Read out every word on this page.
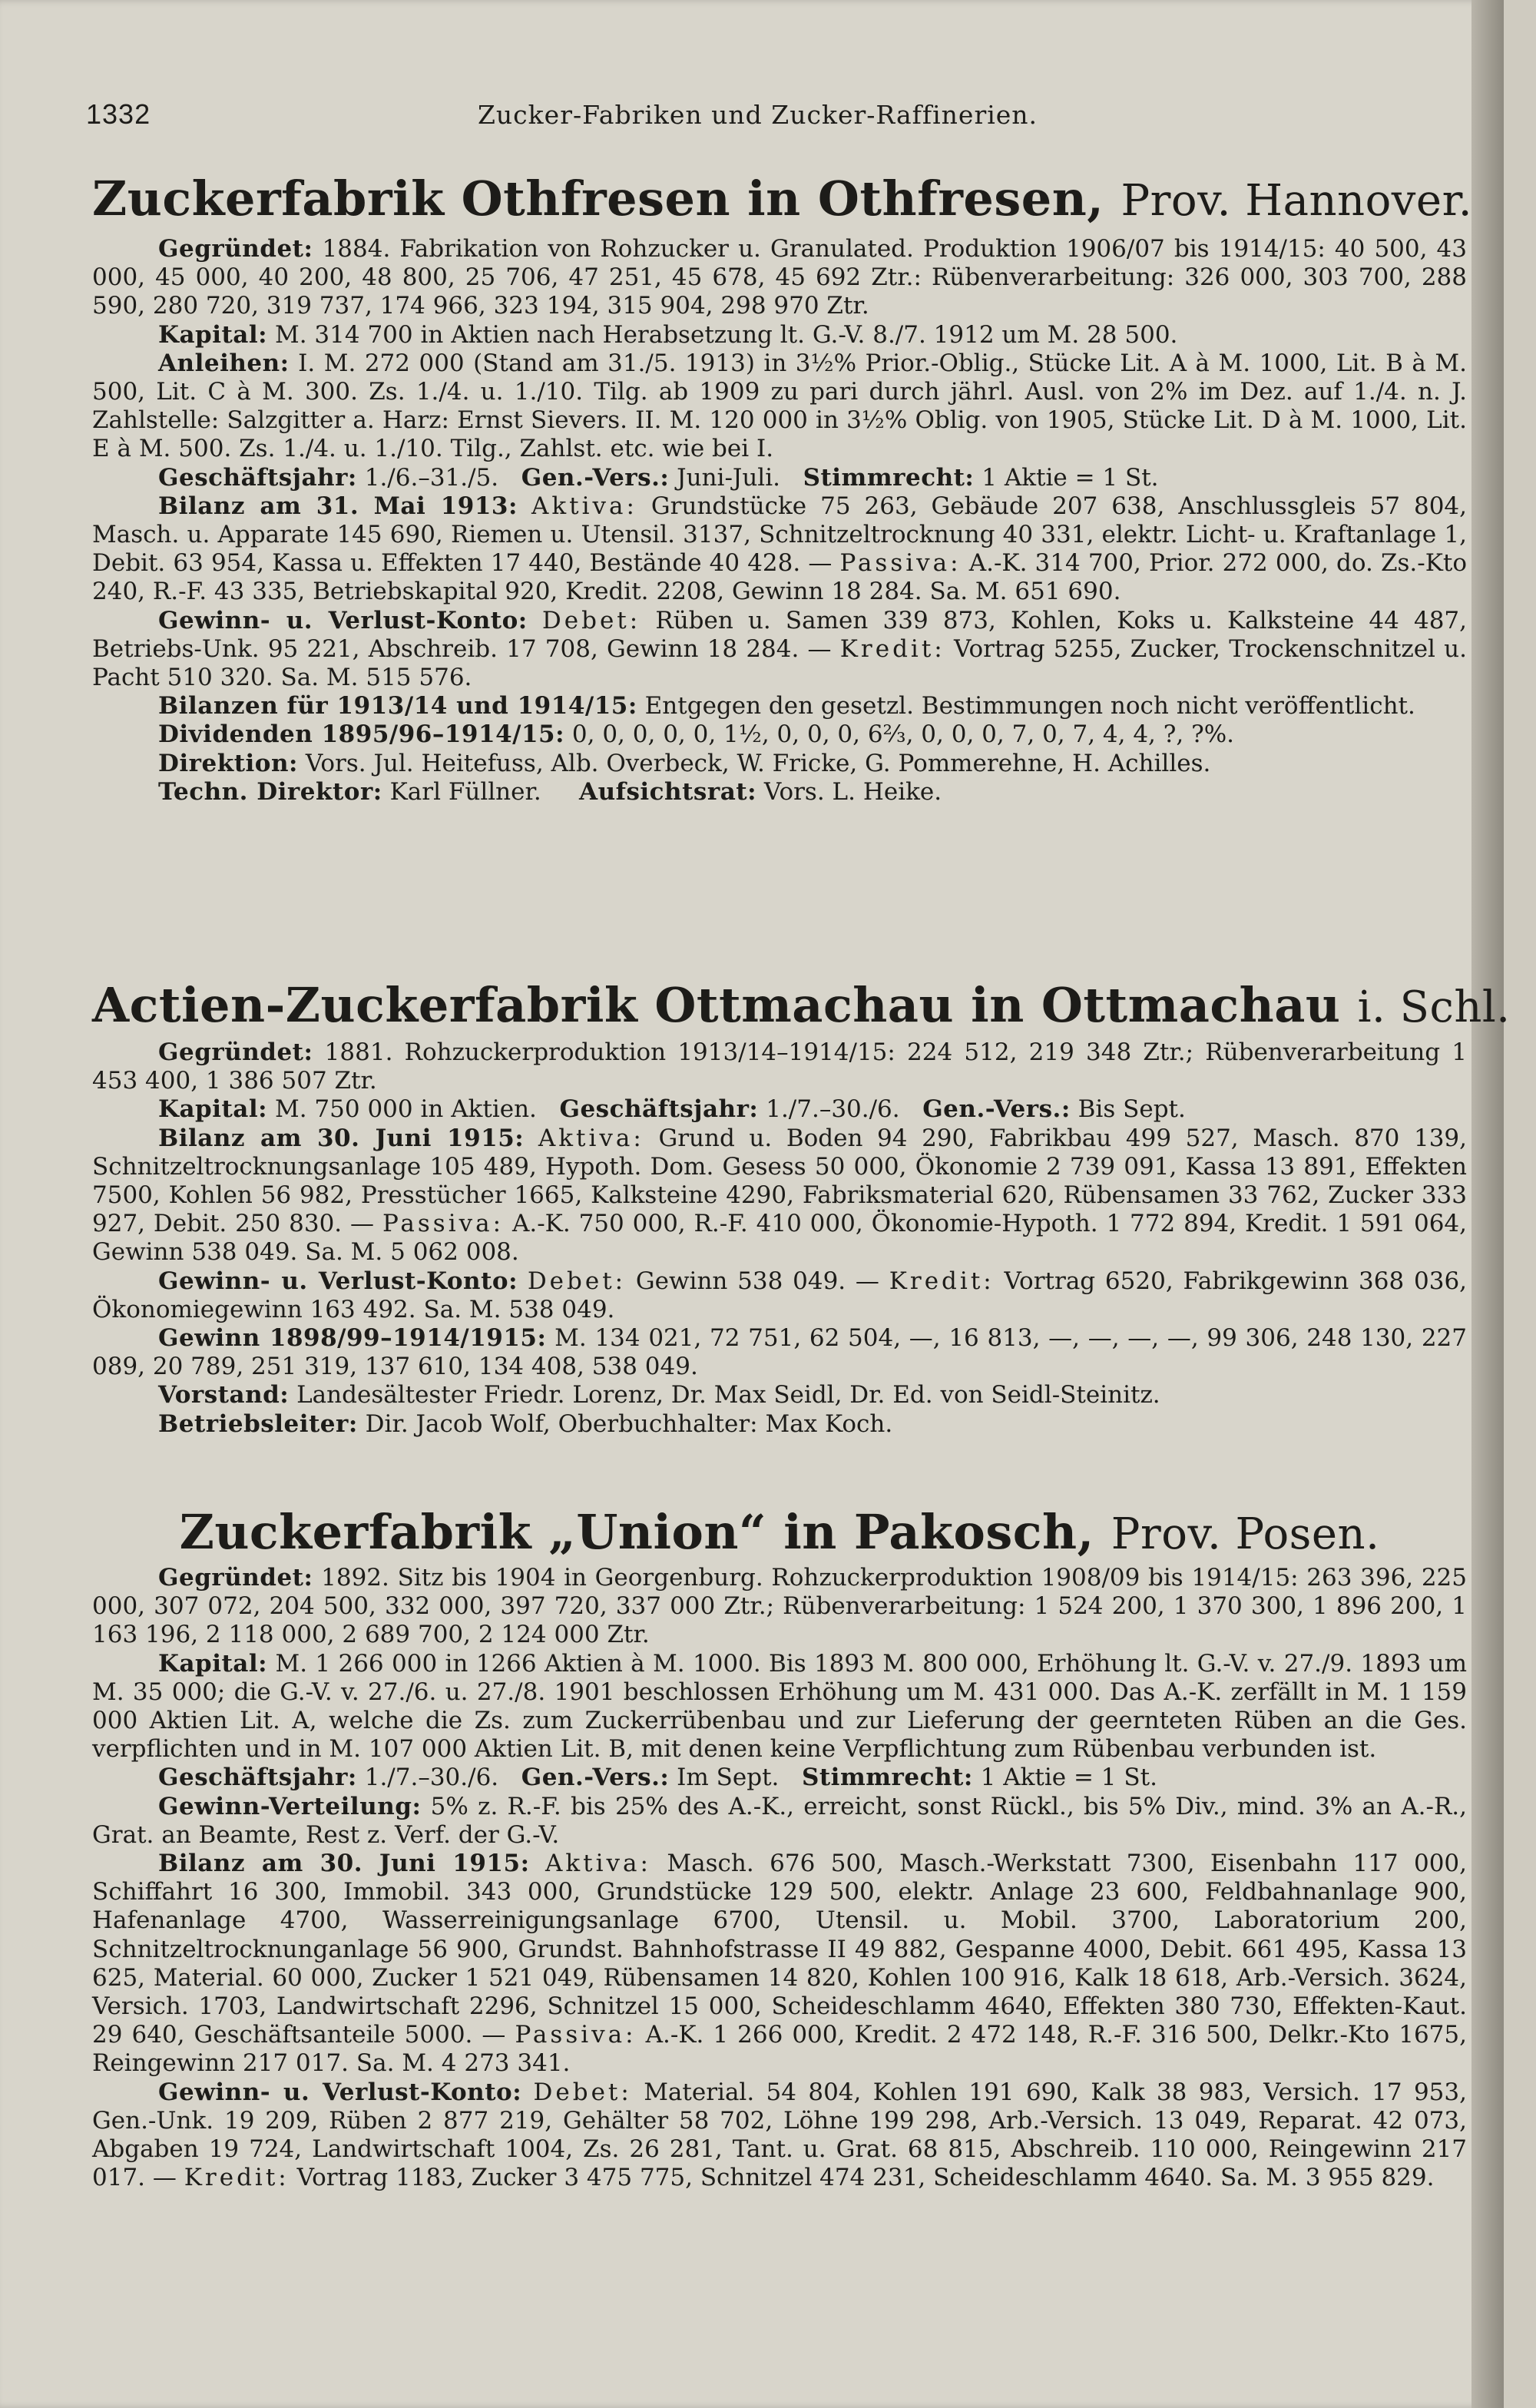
1332	Zucker-Fabriken und Zucker-Raffinerien.
Zuckerfabrik Othfresen in Othfresen, Prov. Hannover.

Gegründet: 1884. Fabrikation von Rohzucker u. Granulated. Produktion 1906/07 bis 1914/15: 40 500, 43 000, 45 000, 40 200, 48 800, 25 706, 47 251, 45 678, 45 692 Ztr.: Rübenverarbeitung: 326 000, 303 700, 288 590, 280 720, 319 737, 174 966, 323 194, 315 904, 298 970 Ztr.

Kapital: M. 314 700 in Aktien nach Herabsetzung lt. G.-V. 8./7. 1912 um M. 28 500.

Anleihen: I. M. 272 000 (Stand am 31./5. 1913) in 3½% Prior.-Oblig., Stücke Lit. A à M. 1000, Lit. B à M. 500, Lit. C à M. 300. Zs. 1./4. u. 1./10. Tilg. ab 1909 zu pari durch jährl. Ausl. von 2% im Dez. auf 1./4. n. J. Zahlstelle: Salzgitter a. Harz: Ernst Sievers. II. M. 120 000 in 3½% Oblig. von 1905, Stücke Lit. D à M. 1000, Lit. E à M. 500. Zs. 1./4. u. 1./10. Tilg., Zahlst. etc. wie bei I.

Geschäftsjahr: 1./6.–31./5. Gen.-Vers.: Juni-Juli. Stimmrecht: 1 Aktie = 1 St.

Bilanz am 31. Mai 1913: Aktiva: Grundstücke 75 263, Gebäude 207 638, Anschlussgleis 57 804, Masch. u. Apparate 145 690, Riemen u. Utensil. 3137, Schnitzeltrocknung 40 331, elektr. Licht- u. Kraftanlage 1, Debit. 63 954, Kassa u. Effekten 17 440, Bestände 40 428. — Passiva: A.-K. 314 700, Prior. 272 000, do. Zs.-Kto 240, R.-F. 43 335, Betriebskapital 920, Kredit. 2208, Gewinn 18 284. Sa. M. 651 690.

Gewinn- u. Verlust-Konto: Debet: Rüben u. Samen 339 873, Kohlen, Koks u. Kalksteine 44 487, Betriebs-Unk. 95 221, Abschreib. 17 708, Gewinn 18 284. — Kredit: Vortrag 5255, Zucker, Trockenschnitzel u. Pacht 510 320. Sa. M. 515 576.

Bilanzen für 1913/14 und 1914/15: Entgegen den gesetzl. Bestimmungen noch nicht veröffentlicht.

Dividenden 1895/96–1914/15: 0, 0, 0, 0, 0, 1½, 0, 0, 0, 6⅔, 0, 0, 0, 7, 0, 7, 4, 4, ?, ?%.

Direktion: Vors. Jul. Heitefuss, Alb. Overbeck, W. Fricke, G. Pommerehne, H. Achilles.

Techn. Direktor: Karl Füllner. Aufsichtsrat: Vors. L. Heike.

Actien-Zuckerfabrik Ottmachau in Ottmachau i. Schl.

Gegründet: 1881. Rohzuckerproduktion 1913/14–1914/15: 224 512, 219 348 Ztr.; Rübenverarbeitung 1 453 400, 1 386 507 Ztr.

Kapital: M. 750 000 in Aktien. Geschäftsjahr: 1./7.–30./6. Gen.-Vers.: Bis Sept.

Bilanz am 30. Juni 1915: Aktiva: Grund u. Boden 94 290, Fabrikbau 499 527, Masch. 870 139, Schnitzeltrocknungsanlage 105 489, Hypoth. Dom. Gesess 50 000, Ökonomie 2 739 091, Kassa 13 891, Effekten 7500, Kohlen 56 982, Presstücher 1665, Kalksteine 4290, Fabriksmaterial 620, Rübensamen 33 762, Zucker 333 927, Debit. 250 830. — Passiva: A.-K. 750 000, R.-F. 410 000, Ökonomie-Hypoth. 1 772 894, Kredit. 1 591 064, Gewinn 538 049. Sa. M. 5 062 008.

Gewinn- u. Verlust-Konto: Debet: Gewinn 538 049. — Kredit: Vortrag 6520, Fabrikgewinn 368 036, Ökonomiegewinn 163 492. Sa. M. 538 049.

Gewinn 1898/99–1914/1915: M. 134 021, 72 751, 62 504, —, 16 813, —, —, —, —, 99 306, 248 130, 227 089, 20 789, 251 319, 137 610, 134 408, 538 049.

Vorstand: Landesältester Friedr. Lorenz, Dr. Max Seidl, Dr. Ed. von Seidl-Steinitz.

Betriebsleiter: Dir. Jacob Wolf, Oberbuchhalter: Max Koch.

Zuckerfabrik „Union“ in Pakosch, Prov. Posen.

Gegründet: 1892. Sitz bis 1904 in Georgenburg. Rohzuckerproduktion 1908/09 bis 1914/15: 263 396, 225 000, 307 072, 204 500, 332 000, 397 720, 337 000 Ztr.; Rübenverarbeitung: 1 524 200, 1 370 300, 1 896 200, 1 163 196, 2 118 000, 2 689 700, 2 124 000 Ztr.

Kapital: M. 1 266 000 in 1266 Aktien à M. 1000. Bis 1893 M. 800 000, Erhöhung lt. G.-V. v. 27./9. 1893 um M. 35 000; die G.-V. v. 27./6. u. 27./8. 1901 beschlossen Erhöhung um M. 431 000. Das A.-K. zerfällt in M. 1 159 000 Aktien Lit. A, welche die Zs. zum Zuckerrübenbau und zur Lieferung der geernteten Rüben an die Ges. verpflichten und in M. 107 000 Aktien Lit. B, mit denen keine Verpflichtung zum Rübenbau verbunden ist.

Geschäftsjahr: 1./7.–30./6. Gen.-Vers.: Im Sept. Stimmrecht: 1 Aktie = 1 St.

Gewinn-Verteilung: 5% z. R.-F. bis 25% des A.-K., erreicht, sonst Rückl., bis 5% Div., mind. 3% an A.-R., Grat. an Beamte, Rest z. Verf. der G.-V.

Bilanz am 30. Juni 1915: Aktiva: Masch. 676 500, Masch.-Werkstatt 7300, Eisenbahn 117 000, Schiffahrt 16 300, Immobil. 343 000, Grundstücke 129 500, elektr. Anlage 23 600, Feldbahnanlage 900, Hafenanlage 4700, Wasserreinigungsanlage 6700, Utensil. u. Mobil. 3700, Laboratorium 200, Schnitzeltrocknunganlage 56 900, Grundst. Bahnhofstrasse II 49 882, Gespanne 4000, Debit. 661 495, Kassa 13 625, Material. 60 000, Zucker 1 521 049, Rübensamen 14 820, Kohlen 100 916, Kalk 18 618, Arb.-Versich. 3624, Versich. 1703, Landwirtschaft 2296, Schnitzel 15 000, Scheideschlamm 4640, Effekten 380 730, Effekten-Kaut. 29 640, Geschäftsanteile 5000. — Passiva: A.-K. 1 266 000, Kredit. 2 472 148, R.-F. 316 500, Delkr.-Kto 1675, Reingewinn 217 017. Sa. M. 4 273 341.

Gewinn- u. Verlust-Konto: Debet: Material. 54 804, Kohlen 191 690, Kalk 38 983, Versich. 17 953, Gen.-Unk. 19 209, Rüben 2 877 219, Gehälter 58 702, Löhne 199 298, Arb.-Versich. 13 049, Reparat. 42 073, Abgaben 19 724, Landwirtschaft 1004, Zs. 26 281, Tant. u. Grat. 68 815, Abschreib. 110 000, Reingewinn 217 017. — Kredit: Vortrag 1183, Zucker 3 475 775, Schnitzel 474 231, Scheideschlamm 4640. Sa. M. 3 955 829.
